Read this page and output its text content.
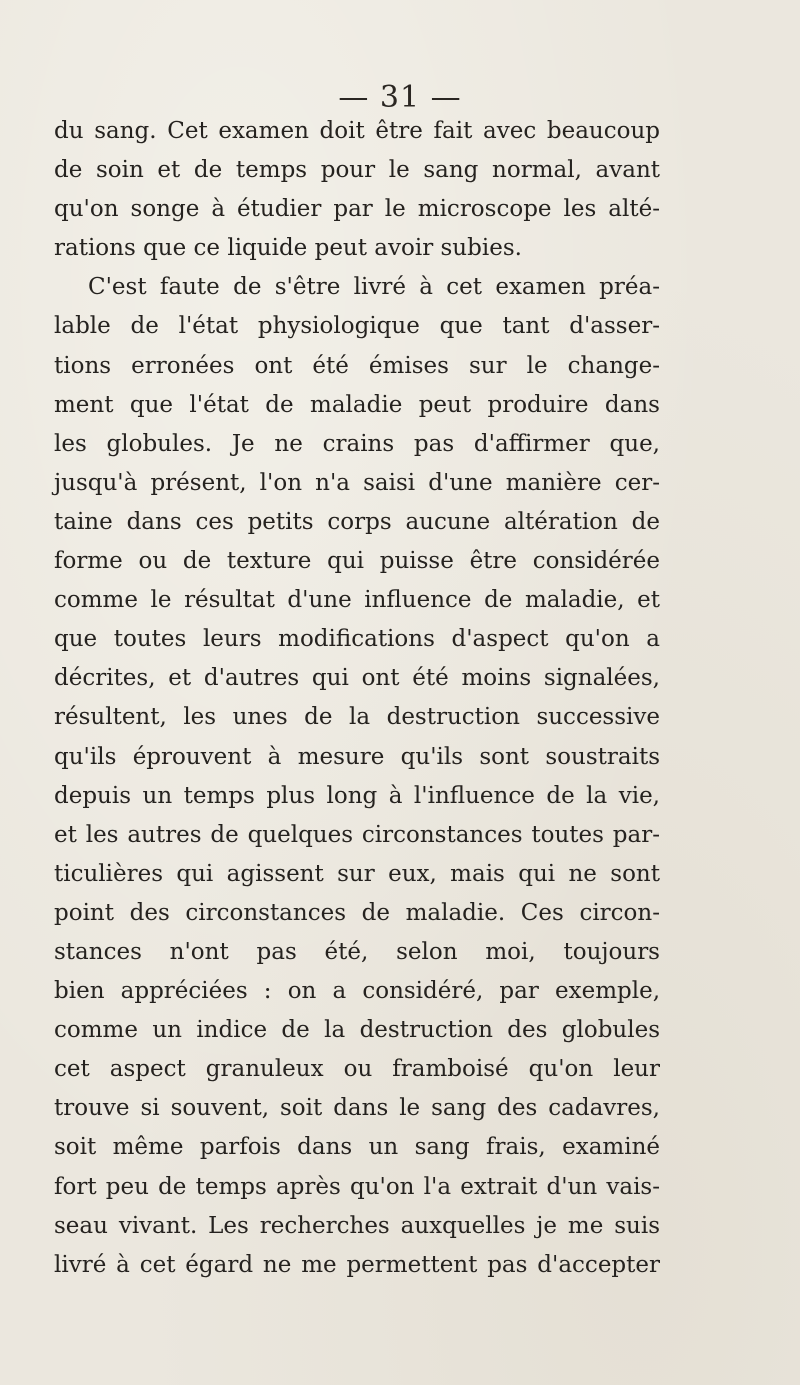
— 31 —
du sang. Cet examen doit être fait avec beaucoup
de soin et de temps pour le sang normal, avant
qu'on songe à étudier par le microscope les alté-
rations que ce liquide peut avoir subies.
C'est faute de s'être livré à cet examen préa-
lable de l'état physiologique que tant d'asser-
tions erronées ont été émises sur le change-
ment que l'état de maladie peut produire dans
les globules. Je ne crains pas d'affirmer que,
jusqu'à présent, l'on n'a saisi d'une manière cer-
taine dans ces petits corps aucune altération de
forme ou de texture qui puisse être considérée
comme le résultat d'une influence de maladie, et
que toutes leurs modifications d'aspect qu'on a
décrites, et d'autres qui ont été moins signalées,
résultent, les unes de la destruction successive
qu'ils éprouvent à mesure qu'ils sont soustraits
depuis un temps plus long à l'influence de la vie,
et les autres de quelques circonstances toutes par-
ticulières qui agissent sur eux, mais qui ne sont
point des circonstances de maladie. Ces circon-
stances n'ont pas été, selon moi, toujours
bien appréciées : on a considéré, par exemple,
comme un indice de la destruction des globules
cet aspect granuleux ou framboisé qu'on leur
trouve si souvent, soit dans le sang des cadavres,
soit même parfois dans un sang frais, examiné
fort peu de temps après qu'on l'a extrait d'un vais-
seau vivant. Les recherches auxquelles je me suis
livré à cet égard ne me permettent pas d'accepter
